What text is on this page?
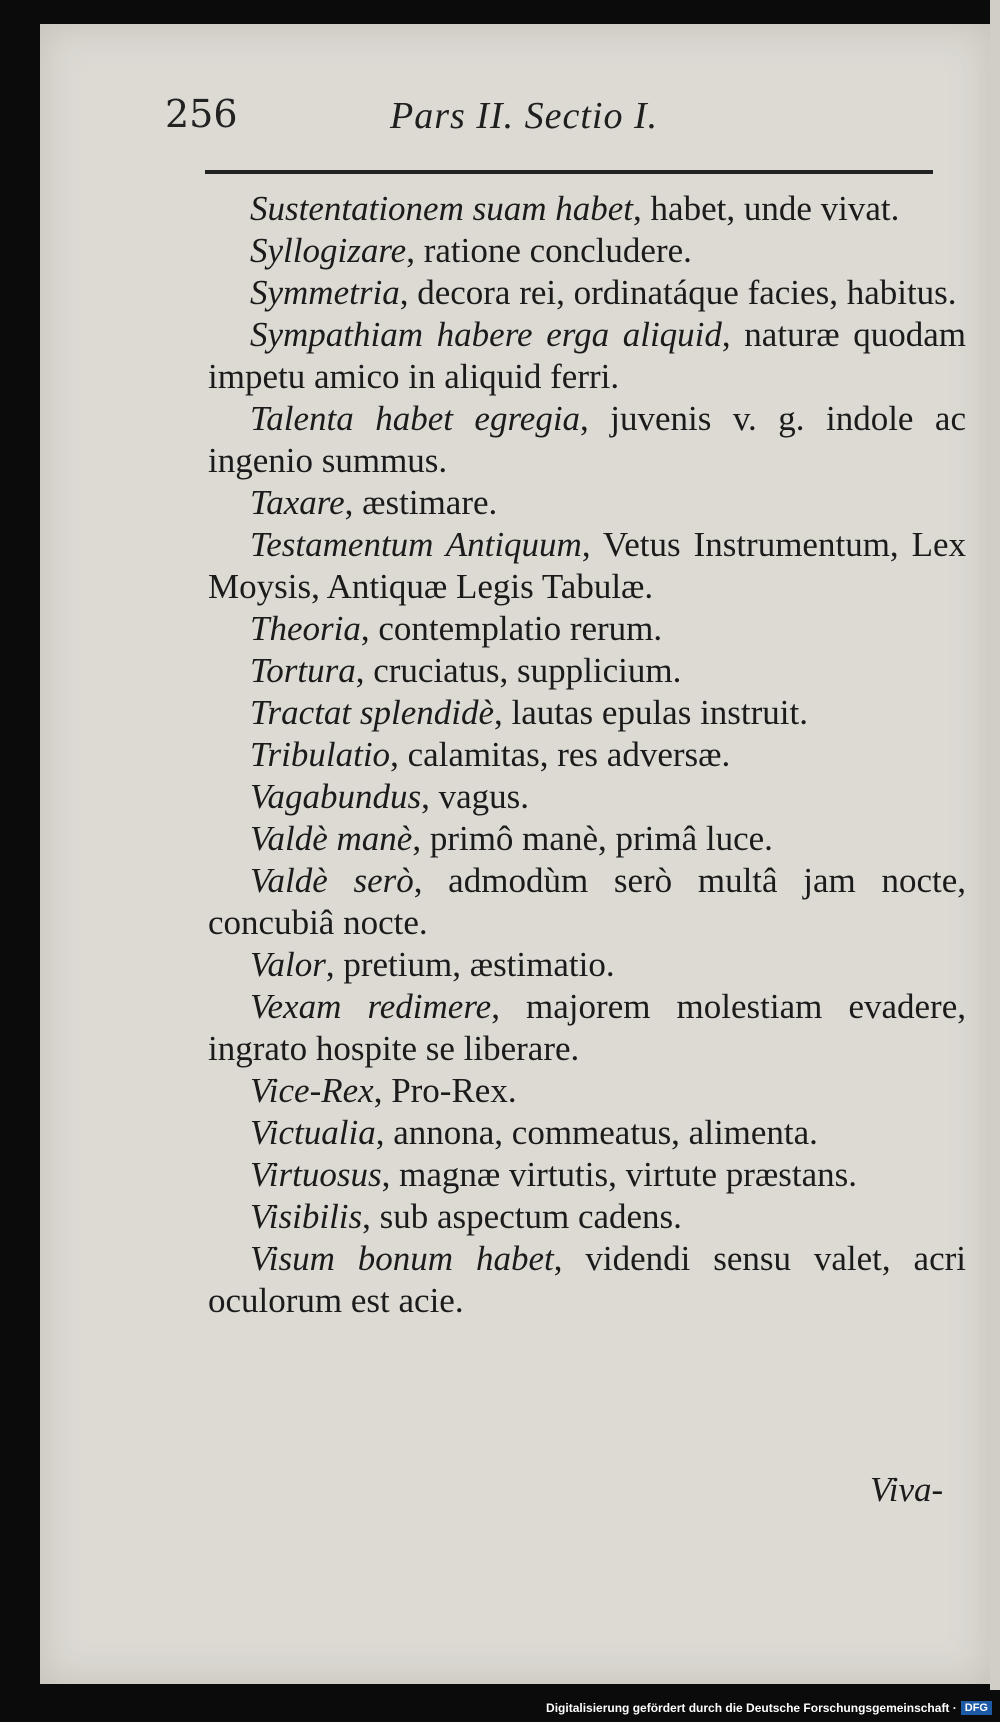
256	Pars II. Sectio I.

Sustentationem suam habet, habet, unde vivat.

Syllogizare, ratione concludere.

Symmetria, decora rei, ordinatáque facies, habitus.

Sympathiam habere erga aliquid, naturæ quodam impetu amico in aliquid ferri.

Talenta habet egregia, juvenis v. g. indole ac ingenio summus.

Taxare, æstimare.

Testamentum Antiquum, Vetus Instrumentum, Lex Moysis, Antiquæ Legis Tabulæ.

Theoria, contemplatio rerum.

Tortura, cruciatus, supplicium.

Tractat splendidè, lautas epulas instruit.

Tribulatio, calamitas, res adversæ.

Vagabundus, vagus.

Valdè manè, primô manè, primâ luce.

Valdè serò, admodùm serò multâ jam nocte, concubiâ nocte.

Valor, pretium, æstimatio.

Vexam redimere, majorem molestiam evadere, ingrato hospite se liberare.

Vice-Rex, Pro-Rex.

Victualia, annona, commeatus, alimenta.

Virtuosus, magnæ virtutis, virtute præstans.

Visibilis, sub aspectum cadens.

Visum bonum habet, videndi sensu valet, acri oculorum est acie.

Viva-
Digitalisierung gefördert durch die Deutsche Forschungsgemeinschaft · DFG
